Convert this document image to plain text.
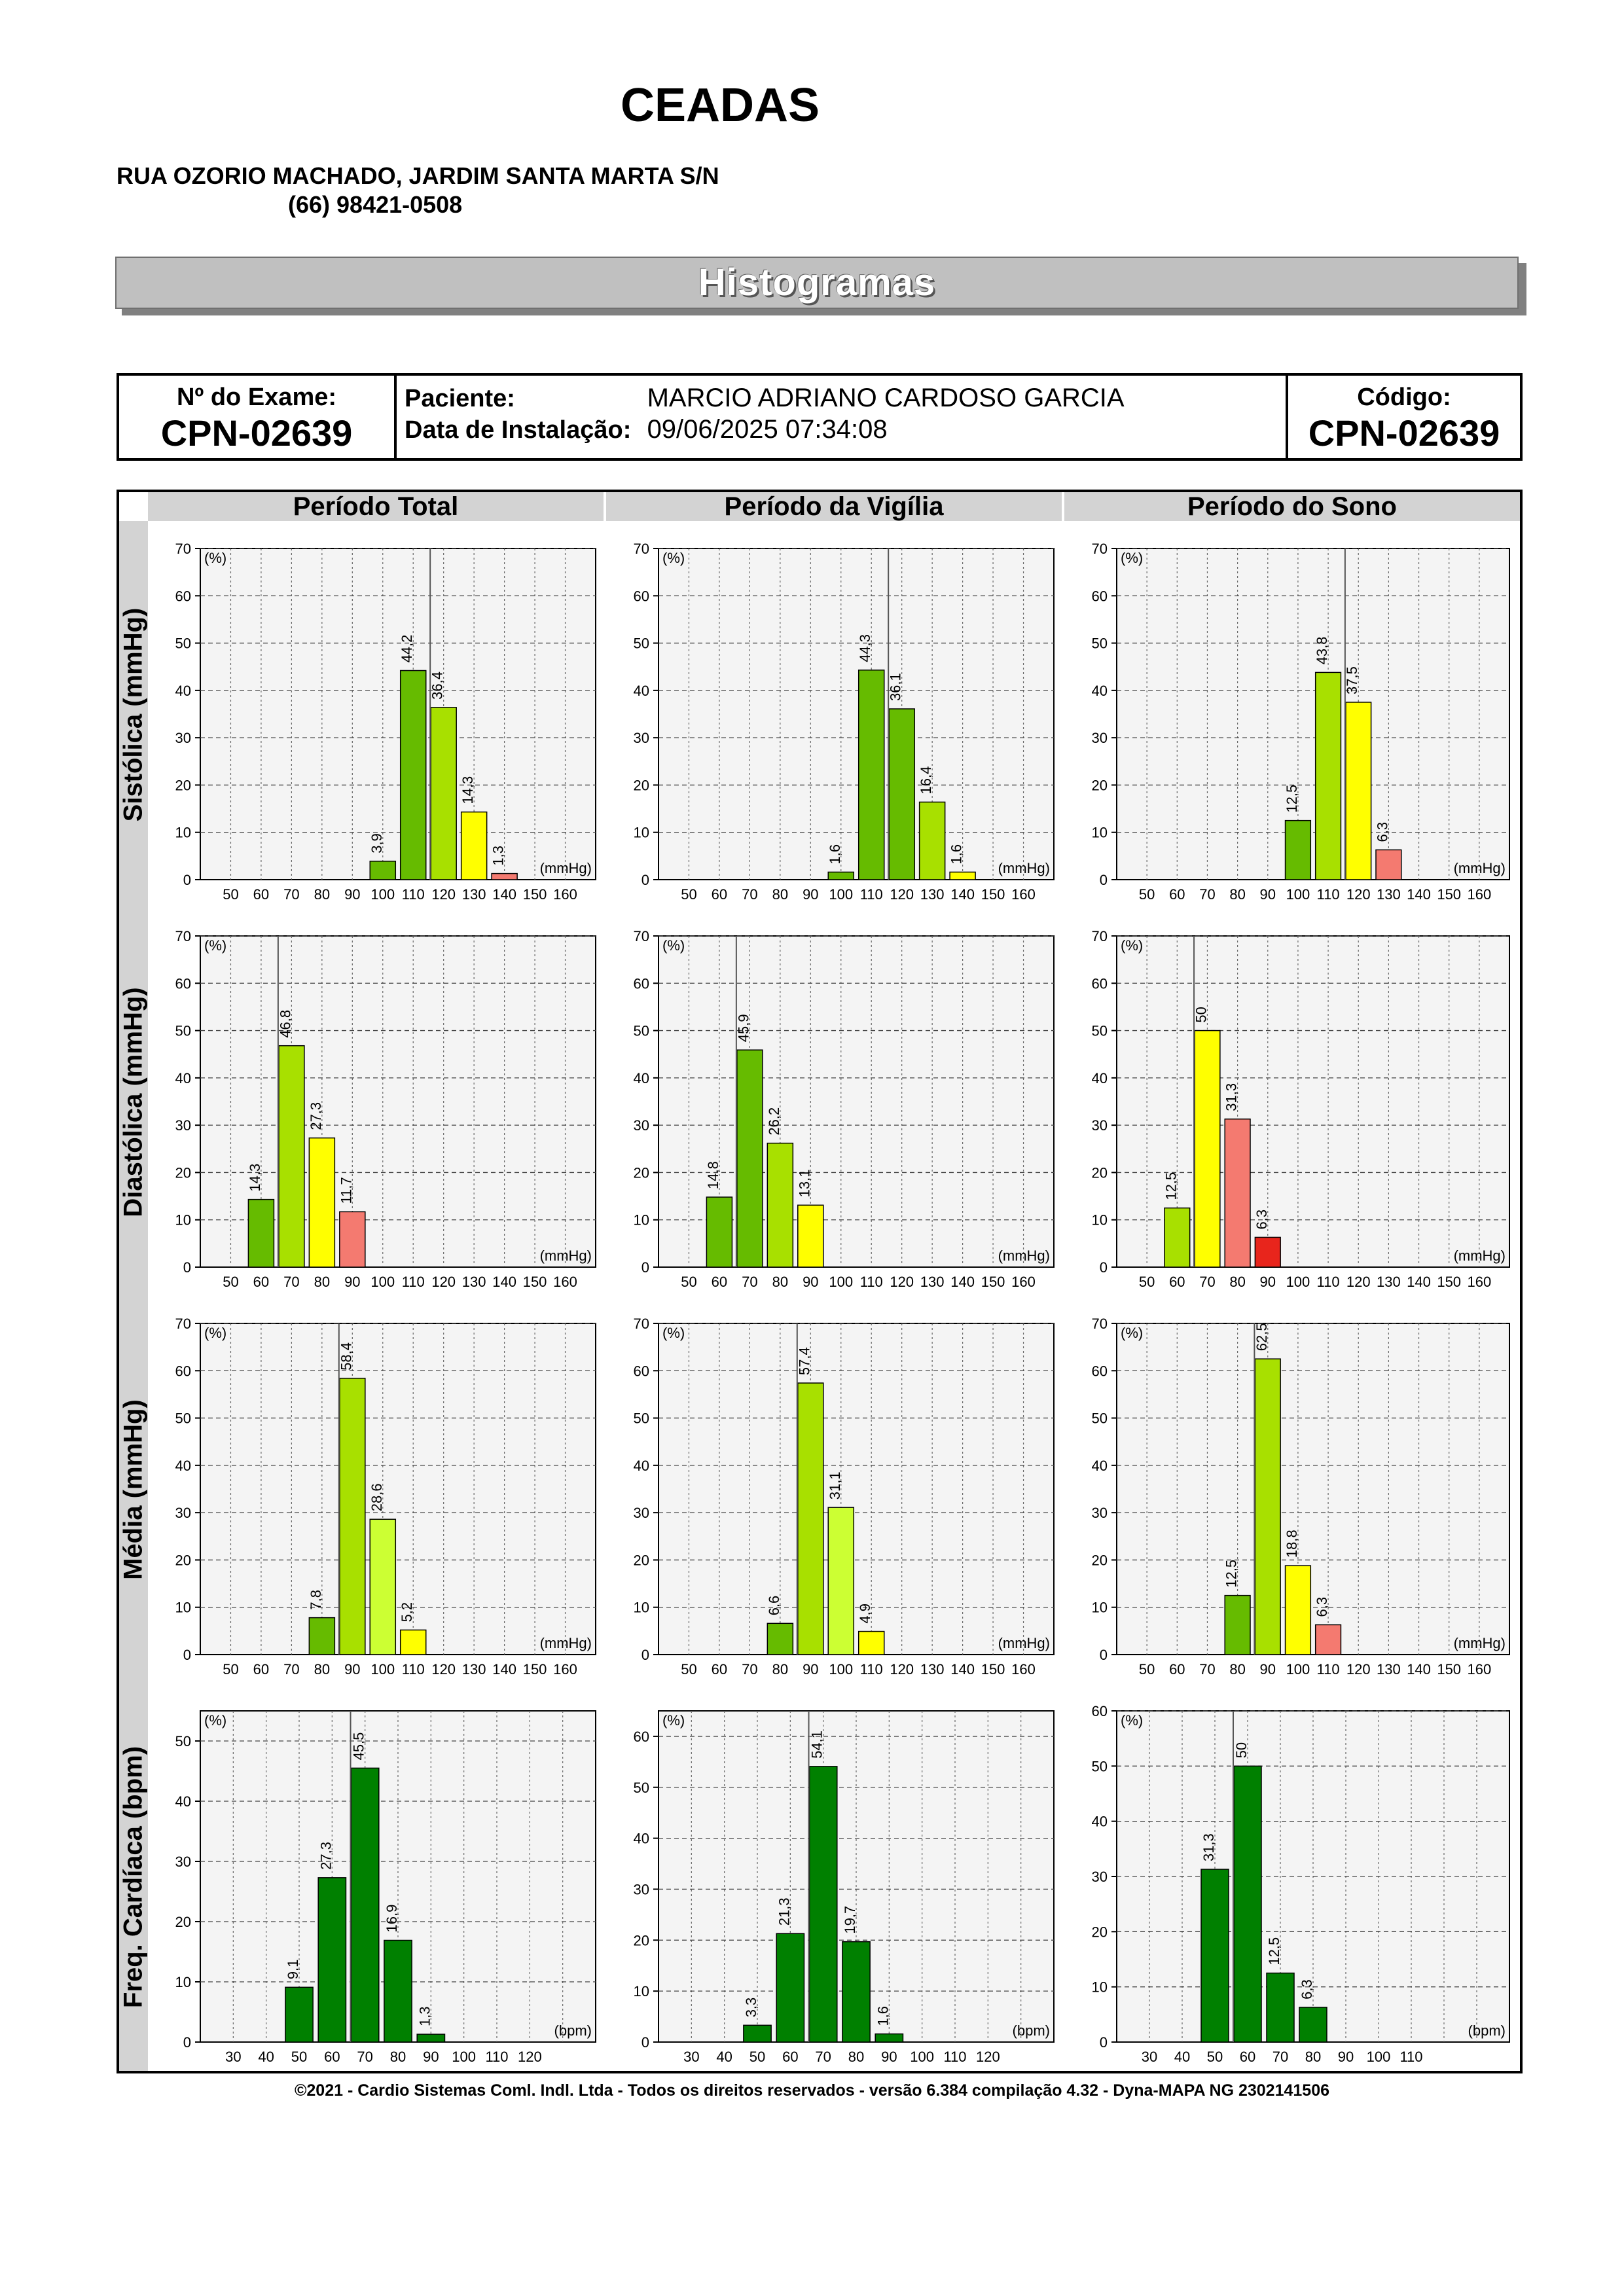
CEADAS
RUA OZORIO MACHADO, JARDIM SANTA MARTA S/N
(66) 98421-0508
Histogramas
Nº do Exame:
CPN-02639
Paciente:	MARCIO ADRIANO CARDOSO GARCIA
Data de Instalação: 09/06/2025 07:34:08
Código:
CPN-02639
Período Total	Período da Vigília	Período do Sono
Sistólica (mmHg)
Diastólica (mmHg)
Média (mmHg)
Freq. Cardíaca (bpm)
0
10
20
30
40
50
60
70
50 60 70 80 90 100 110 120 130 140 150 160
(%)
(mmHg)
3,9
44,2
36,4
14,3
1,3
0
10
20
30
40
50
60
70
50 60 70 80 90 100 110 120 130 140 150 160
(%)
(mmHg)
1,6
44,3
36,1
16,4
1,6
0
10
20
30
40
50
60
70
50 60 70 80 90 100 110 120 130 140 150 160
(%)
(mmHg)
12,5
43,8
37,5
6,3
0
10
20
30
40
50
60
70
50 60 70 80 90 100 110 120 130 140 150 160
(%)
(mmHg)
14,3
46,8
27,3
11,7
0
10
20
30
40
50
60
70
50 60 70 80 90 100 110 120 130 140 150 160
(%)
(mmHg)
14,8
45,9
26,2
13,1
0
10
20
30
40
50
60
70
50 60 70 80 90 100 110 120 130 140 150 160
(%)
(mmHg)
12,5
50
31,3
6,3
0
10
20
30
40
50
60
70
50 60 70 80 90 100 110 120 130 140 150 160
(%)
(mmHg)
7,8
58,4
28,6
5,2
0
10
20
30
40
50
60
70
50 60 70 80 90 100 110 120 130 140 150 160
(%)
(mmHg)
6,6
57,4
31,1
4,9
0
10
20
30
40
50
60
70
50 60 70 80 90 100 110 120 130 140 150 160
(%)
(mmHg)
12,5
62,5
18,8
6,3
0
10
20
30
40
50
30 40 50 60 70 80 90 100 110 120
(%)
(bpm)
9,1
27,3
45,5
16,9
1,3
0
10
20
30
40
50
60
30 40 50 60 70 80 90 100 110 120
(%)
(bpm)
3,3
21,3
54,1
19,7
1,6
0
10
20
30
40
50
60
30 40 50 60 70 80 90 100 110
(%)
(bpm)
31,3
50
12,5
6,3
©2021 - Cardio Sistemas Coml. Indl. Ltda - Todos os direitos reservados - versão 6.384 compilação 4.32 - Dyna-MAPA NG 2302141506
